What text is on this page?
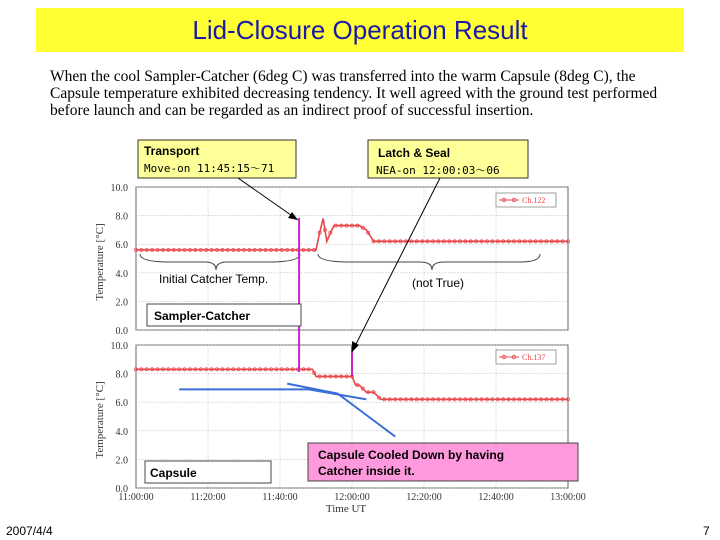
Lid-Closure Operation Result

When the cool Sampler-Catcher (6deg C) was transferred into the warm Capsule (8deg C), the Capsule temperature exhibited decreasing tendency. It well agreed with the ground test performed before launch and can be regarded as an indirect proof of successful insertion.

0.0
2.0
4.0
6.0
8.0
10.0
0.0
2.0
4.0
6.0
8.0
10.0
11:00:00	11:20:00	11:40:00	12:00:00	12:20:00	12:40:00	13:00:00
Temperature [°C]
Temperature [°C]
Time UT
Ch.122
Ch.137
Transport
Move-on 11:45:15～71
Latch & Seal
NEA-on 12:00:03～06
Initial Catcher Temp.	(not True)
Sampler-Catcher
Capsule
Capsule Cooled Down by having
Catcher inside it.
2007/4/4	7
